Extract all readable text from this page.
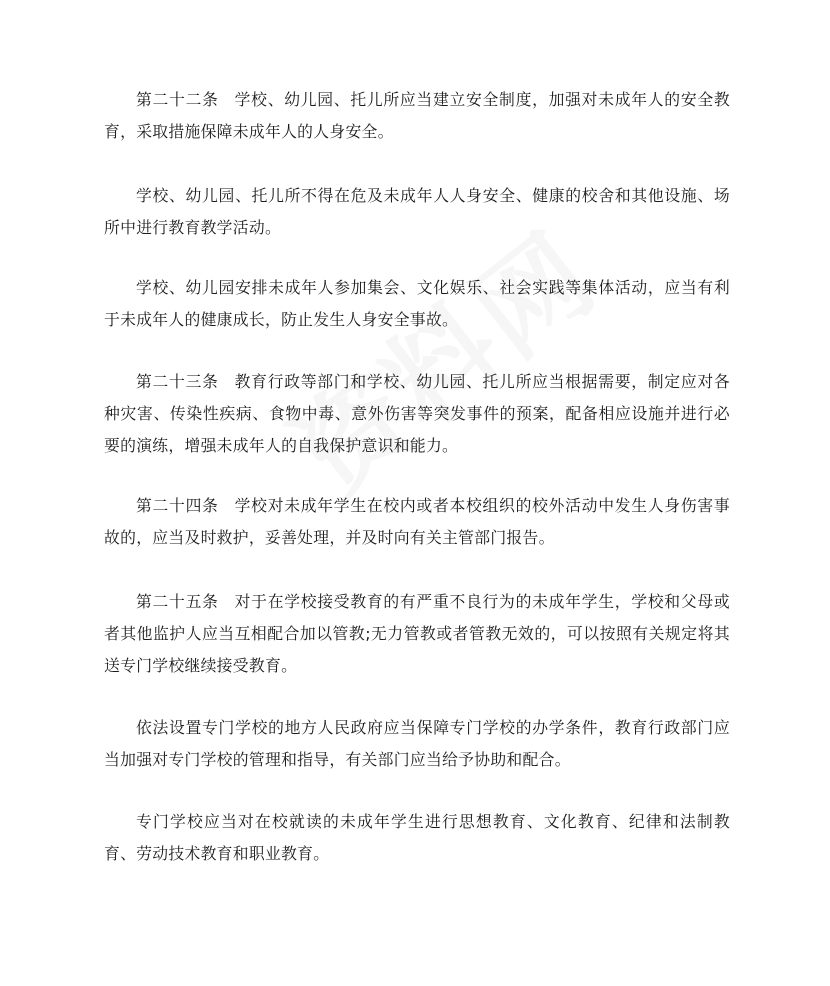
第二十二条 学校、幼儿园、托儿所应当建立安全制度，加强对未成年人的安全教育，采取措施保障未成年人的人身安全。

学校、幼儿园、托儿所不得在危及未成年人人身安全、健康的校舍和其他设施、场所中进行教育教学活动。

学校、幼儿园安排未成年人参加集会、文化娱乐、社会实践等集体活动，应当有利于未成年人的健康成长，防止发生人身安全事故。

第二十三条 教育行政等部门和学校、幼儿园、托儿所应当根据需要，制定应对各种灾害、传染性疾病、食物中毒、意外伤害等突发事件的预案，配备相应设施并进行必要的演练，增强未成年人的自我保护意识和能力。

第二十四条 学校对未成年学生在校内或者本校组织的校外活动中发生人身伤害事故的，应当及时救护，妥善处理，并及时向有关主管部门报告。

第二十五条 对于在学校接受教育的有严重不良行为的未成年学生，学校和父母或者其他监护人应当互相配合加以管教;无力管教或者管教无效的，可以按照有关规定将其送专门学校继续接受教育。

依法设置专门学校的地方人民政府应当保障专门学校的办学条件，教育行政部门应当加强对专门学校的管理和指导，有关部门应当给予协助和配合。

专门学校应当对在校就读的未成年学生进行思想教育、文化教育、纪律和法制教育、劳动技术教育和职业教育。
